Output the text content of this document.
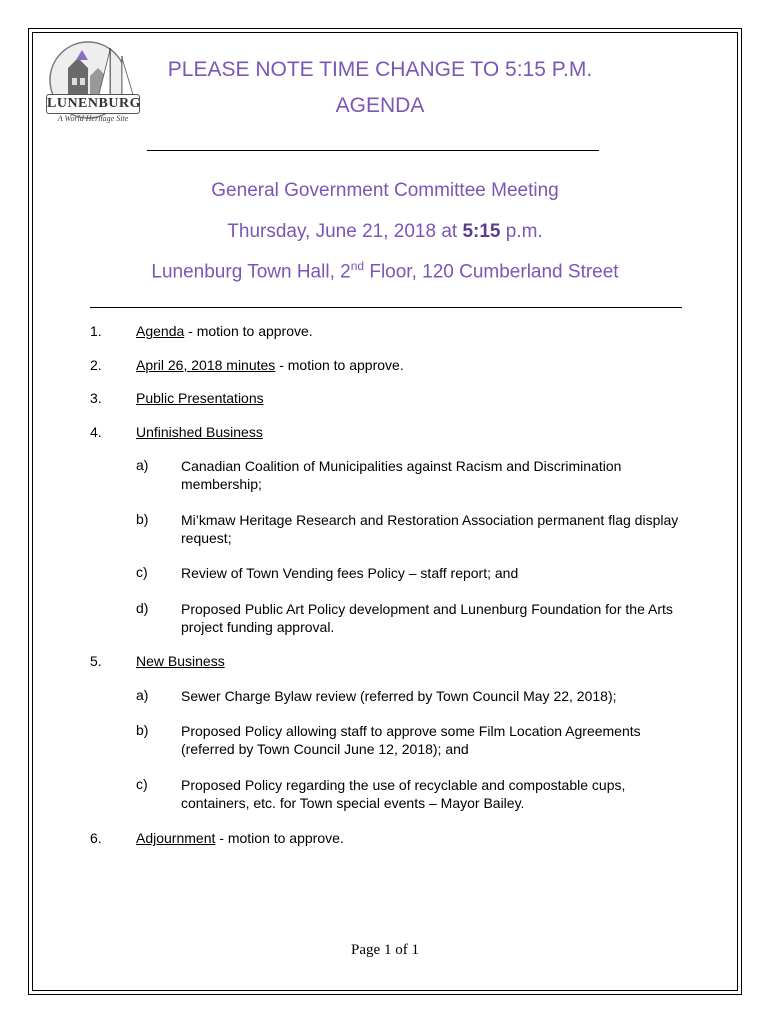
LUNENBURG
A World Heritage Site
PLEASE NOTE TIME CHANGE TO 5:15 P.M.
AGENDA
General Government Committee Meeting
Thursday, June 21, 2018 at 5:15 p.m.
Lunenburg Town Hall, 2nd Floor, 120 Cumberland Street
1. Agenda - motion to approve.
2. April 26, 2018 minutes - motion to approve.
3. Public Presentations
4. Unfinished Business
a) Canadian Coalition of Municipalities against Racism and Discrimination membership;
b) Mi’kmaw Heritage Research and Restoration Association permanent flag display request;
c) Review of Town Vending fees Policy – staff report; and
d) Proposed Public Art Policy development and Lunenburg Foundation for the Arts project funding approval.
5. New Business
a) Sewer Charge Bylaw review (referred by Town Council May 22, 2018);
b) Proposed Policy allowing staff to approve some Film Location Agreements (referred by Town Council June 12, 2018); and
c) Proposed Policy regarding the use of recyclable and compostable cups, containers, etc. for Town special events – Mayor Bailey.
6. Adjournment - motion to approve.
Page 1 of 1
